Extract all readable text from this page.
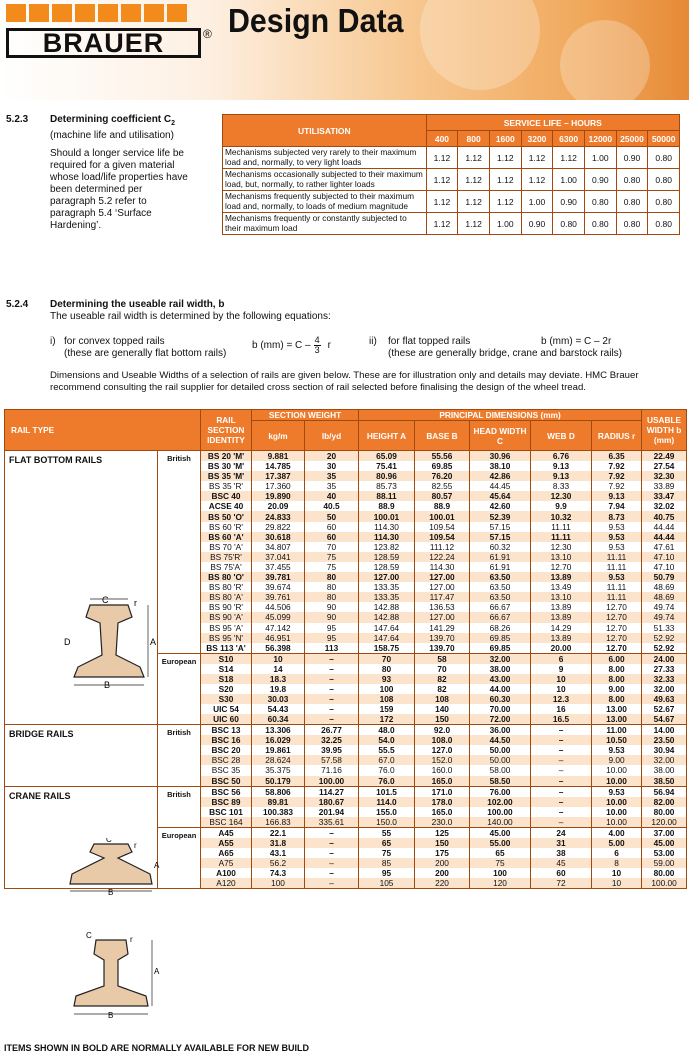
BRAUER	® Design Data
5.2.3 Determining coefficient $C_2$
(machine life and utilisation)
Should a longer service life be required for a given material whose load/life properties have been determined per paragraph 5.2 refer to paragraph 5.4 ‘Surface Hardening’.
UTILISATION	SERVICE LIFE – HOURS							
	400	800	1600	3200	6300	12000	25000	50000
Mechanisms subjected very rarely to their maximum load and, normally, to very light loads	1.12	1.12	1.12	1.12	1.12	1.00	0.90	0.80
Mechanisms occasionally subjected to their maximum load, but, normally, to rather lighter loads	1.12	1.12	1.12	1.12	1.00	0.90	0.80	0.80
Mechanisms frequently subjected to their maximum load and, normally, to loads of medium magnitude	1.12	1.12	1.12	1.00	0.90	0.80	0.80	0.80
Mechanisms frequently or constantly subjected to their maximum load	1.12	1.12	1.00	0.90	0.80	0.80	0.80	0.80
5.2.4 Determining the useable rail width, b
The useable rail width is determined by the following equations:
i) for convex topped rails
(these are generally flat bottom rails)
b $(mm) = C - \frac{4}{3}$ r	ii) for flat topped rails
(these are generally bridge, crane and barstock rails)
b (mm) = C – 2r
Dimensions and Useable Widths of a selection of rails are given below. These are for illustration only and details may deviate. HMC Brauer recommend consulting the rail supplier for detailed cross section of rail selected before finalising the design of the wheel tread.
RAIL TYPE		RAIL SECTION IDENTITY	SECTION WEIGHT		PRINCIPAL DIMENSIONS (mm)					USABLE WIDTH b (mm)
			kg/m	lb/yd	HEIGHT A	BASE B	HEAD WIDTH C	WEB D	RADIUS r	
FLAT BOTTOM RAILS	British	BS 20 'M'	9.881	20	65.09	55.56	30.96	6.76	6.35	22.49
		BS 30 'M'	14.785	30	75.41	69.85	38.10	9.13	7.92	27.54
		BS 35 'M'	17.387	35	80.96	76.20	42.86	9.13	7.92	32.30
		BS 35 'R'	17.360	35	85.73	82.55	44.45	8.33	7.92	33.89
		BSC 40	19.890	40	88.11	80.57	45.64	12.30	9.13	33.47
		ACSE 40	20.09	40.5	88.9	88.9	42.60	9.9	7.94	32.02
		BS 50 'O'	24.833	50	100.01	100.01	52.39	10.32	8.73	40.75
		BS 60 'R'	29.822	60	114.30	109.54	57.15	11.11	9.53	44.44
		BS 60 'A'	30.618	60	114.30	109.54	57.15	11.11	9.53	44.44
		BS 70 'A'	34.807	70	123.82	111.12	60.32	12.30	9.53	47.61
		BS 75'R'	37.041	75	128.59	122.24	61.91	13.10	11.11	47.10
		BS 75'A'	37.455	75	128.59	114.30	61.91	12.70	11.11	47.10
		BS 80 'O'	39.781	80	127.00	127.00	63.50	13.89	9.53	50.79
		BS 80 'R'	39.674	80	133.35	127.00	63.50	13.49	11.11	48.69
		BS 80 'A'	39.761	80	133.35	117.47	63.50	13.10	11.11	48.69
		BS 90 'R'	44.506	90	142.88	136.53	66.67	13.89	12.70	49.74
		BS 90 'A'	45.099	90	142.88	127.00	66.67	13.89	12.70	49.74
		BS 95 'A'	47.142	95	147.64	141.29	68.26	14.29	12.70	51.33
		BS 95 'N'	46.951	95	147.64	139.70	69.85	13.89	12.70	52.92
		BS 113 'A'	56.398	113	158.75	139.70	69.85	20.00	12.70	52.92
	European	S10	10	–	70	58	32.00	6	6.00	24.00
		S14	14	–	80	70	38.00	9	8.00	27.33
		S18	18.3	–	93	82	43.00	10	8.00	32.33
		S20	19.8	–	100	82	44.00	10	9.00	32.00
		S30	30.03	–	108	108	60.30	12.3	8.00	49.63
		UIC 54	54.43	–	159	140	70.00	16	13.00	52.67
		UIC 60	60.34	–	172	150	72.00	16.5	13.00	54.67
BRIDGE RAILS	British	BSC 13	13.306	26.77	48.0	92.0	36.00	–	11.00	14.00
		BSC 16	16.029	32.25	54.0	108.0	44.50	–	10.50	23.50
		BSC 20	19.861	39.95	55.5	127.0	50.00	–	9.53	30.94
		BSC 28	28.624	57.58	67.0	152.0	50.00	–	9.00	32.00
		BSC 35	35.375	71.16	76.0	160.0	58.00	–	10.00	38.00
		BSC 50	50.179	100.00	76.0	165.0	58.50	–	10.00	38.50
CRANE RAILS	British	BSC 56	58.806	114.27	101.5	171.0	76.00	–	9.53	56.94
		BSC 89	89.81	180.67	114.0	178.0	102.00	–	10.00	82.00
		BSC 101	100.383	201.94	155.0	165.0	100.00	–	10.00	80.00
		BSC 164	166.83	335.61	150.0	230.0	140.00	–	10.00	120.00
	European	A45	22.1	–	55	125	45.00	24	4.00	37.00
		A55	31.8	–	65	150	55.00	31	5.00	45.00
		A65	43.1	–	75	175	65	38	6	53.00
		A75	56.2	–	85	200	75	45	8	59.00
		A100	74.3	–	95	200	100	60	10	80.00
		A120	100	–	105	220	120	72	10	100.00
C	r
A
B
D
C
r
A
B
C	r
A
B
ITEMS SHOWN IN BOLD ARE NORMALLY AVAILABLE FOR NEW BUILD
